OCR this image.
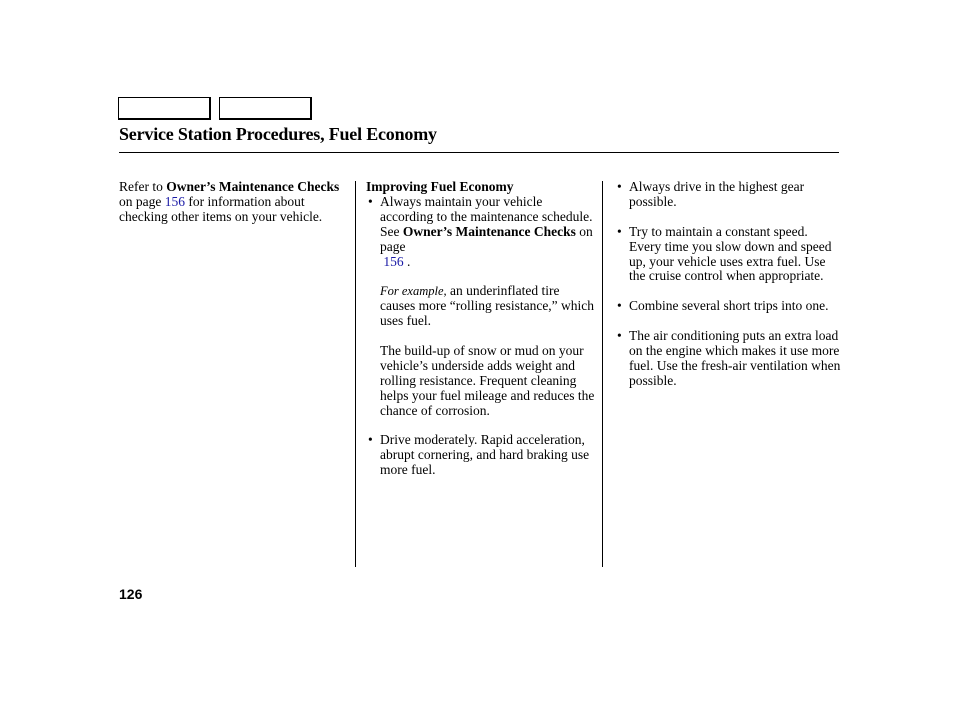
Service Station Procedures, Fuel Economy

Refer to Owner’s Maintenance Checks on page 156 for information about checking other items on your vehicle.

Improving Fuel Economy

• Always maintain your vehicle according to the maintenance schedule. See Owner’s Maintenance Checks on page
156 .

For example, an underinflated tire causes more “rolling resistance,” which uses fuel.

The build-up of snow or mud on your vehicle’s underside adds weight and rolling resistance. Frequent cleaning helps your fuel mileage and reduces the chance of corrosion.

• Drive moderately. Rapid acceleration, abrupt cornering, and hard braking use more fuel.

• Always drive in the highest gear possible.

• Try to maintain a constant speed. Every time you slow down and speed up, your vehicle uses extra fuel. Use the cruise control when appropriate.

• Combine several short trips into one.

• The air conditioning puts an extra load on the engine which makes it use more fuel. Use the fresh-air ventilation when possible.

126
